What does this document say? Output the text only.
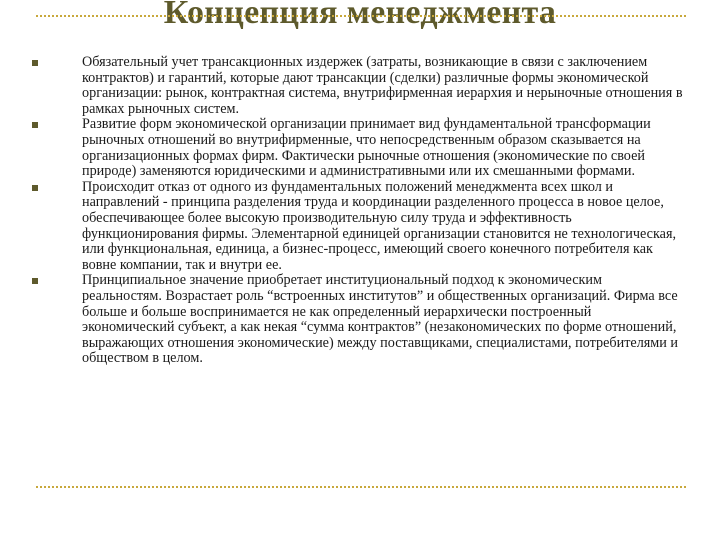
Концепция менеджмента
Обязательный учет трансакционных издержек (затраты, возникающие в связи с заключением контрактов) и гарантий, которые дают трансакции (сделки) различные формы экономической организации: рынок, контрактная система, внутрифирменная иерархия и нерыночные отношения в рамках рыночных систем.
Развитие форм экономической организации принимает вид фундаментальной трансформации рыночных отношений во внутрифирменные, что непосредственным образом сказывается на организационных формах фирм. Фактически рыночные отношения (экономические по своей природе) заменяются юридическими и административными или их смешанными формами.
Происходит отказ от одного из фундаментальных положений менеджмента всех школ и направлений - принципа разделения труда и координации разделенного процесса в новое целое, обеспечивающее более высокую производительную силу труда и эффективность функционирования фирмы. Элементарной единицей организации становится не технологическая, или функциональная, единица, а бизнес-процесс, имеющий своего конечного потребителя как вовне компании, так и внутри ее.
Принципиальное значение приобретает институциональный подход к экономическим реальностям. Возрастает роль “встроенных институтов” и общественных организаций. Фирма все больше и больше воспринимается не как определенный иерархически построенный экономический субъект, а как некая “сумма контрактов” (незакономических по форме отношений, выражающих отношения экономические) между поставщиками, специалистами, потребителями и обществом в целом.
